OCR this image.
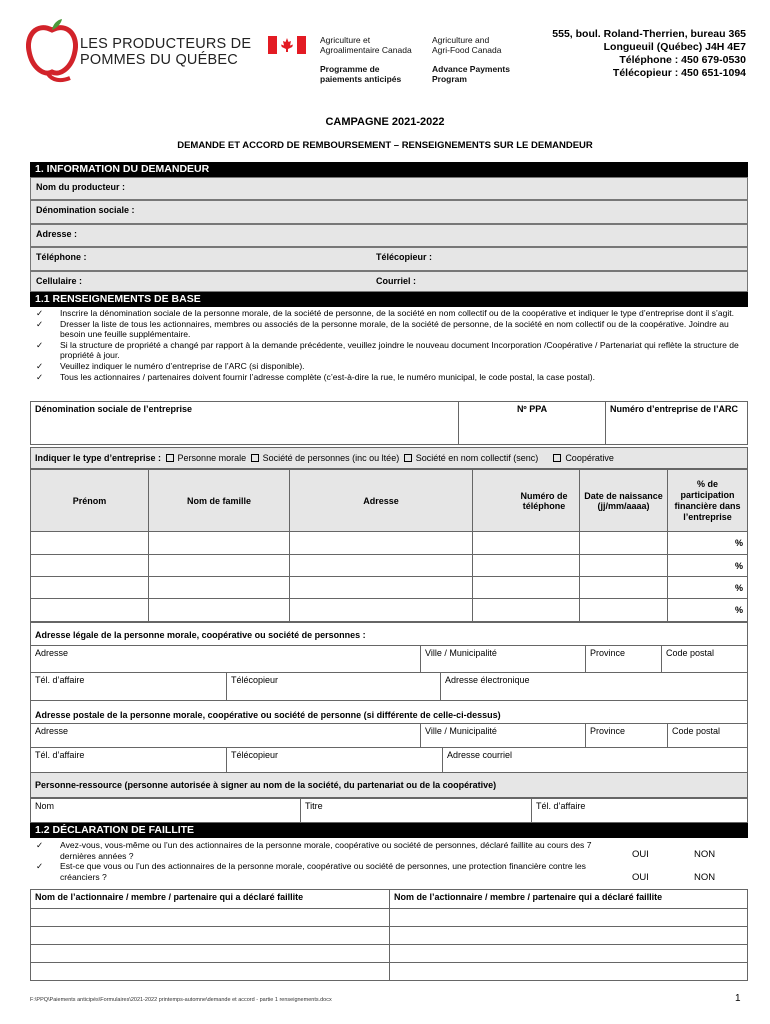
LES PRODUCTEURS DE
POMMES DU QUÉBEC
Agriculture et
Agroalimentaire Canada
Agriculture and
Agri-Food Canada
Programme de
paiements anticipés
Advance Payments
Program
555, boul. Roland-Therrien, bureau 365
Longueuil (Québec) J4H 4E7
Téléphone : 450 679-0530
Télécopieur : 450 651-1094
CAMPAGNE 2021-2022
DEMANDE ET ACCORD DE REMBOURSEMENT – RENSEIGNEMENTS SUR LE DEMANDEUR
1. INFORMATION DU DEMANDEUR
Nom du producteur :
Dénomination sociale :
Adresse :
Téléphone :	Télécopieur :
Cellulaire :	Courriel :
1.1 RENSEIGNEMENTS DE BASE
✓ Inscrire la dénomination sociale de la personne morale, de la société de personne, de la société en nom collectif ou de la coopérative et indiquer le type d’entreprise dont il s’agit.
✓ Dresser la liste de tous les actionnaires, membres ou associés de la personne morale, de la société de personne, de la société en nom collectif ou de la coopérative. Joindre au besoin une feuille supplémentaire.
✓ Si la structure de propriété a changé par rapport à la demande précédente, veuillez joindre le nouveau document Incorporation /Coopérative / Partenariat qui reflète la structure de propriété à jour.
✓ Veuillez indiquer le numéro d’entreprise de l’ARC (si disponible).
✓ Tous les actionnaires / partenaires doivent fournir l’adresse complète (c’est-à-dire la rue, le numéro municipal, le code postal, la case postal).
Dénomination sociale de l’entreprise	Nº PPA	Numéro d’entreprise de l’ARC
Indiquer le type d’entreprise : Personne morale Société de personnes (inc ou ltée) Société en nom collectif (senc)	Coopérative
Prénom	Nom de famille	Adresse	Numéro de téléphone	Date de naissance (jj/mm/aaaa)	% de participation financière dans l’entreprise
					%
					%
					%
					%
Adresse légale de la personne morale, coopérative ou société de personnes :
Adresse	Ville / Municipalité	Province	Code postal
Tél. d’affaire	Télécopieur	Adresse électronique
Adresse postale de la personne morale, coopérative ou société de personne (si différente de celle-ci-dessus)
Adresse	Ville / Municipalité	Province	Code postal
Tél. d’affaire	Télécopieur	Adresse courriel
Personne-ressource (personne autorisée à signer au nom de la société, du partenariat ou de la coopérative)
Nom	Titre	Tél. d’affaire
1.2 DÉCLARATION DE FAILLITE
✓ Avez-vous, vous-même ou l’un des actionnaires de la personne morale, coopérative ou société de personnes, déclaré faillite au cours des 7 dernières années ?
✓ Est-ce que vous ou l’un des actionnaires de la personne morale, coopérative ou société de personnes, une protection financière contre les créanciers ?
OUI	NON
OUI	NON
Nom de l’actionnaire / membre / partenaire qui a déclaré faillite	Nom de l’actionnaire / membre / partenaire qui a déclaré faillite

F:\PPQ\Paiements anticipés\Formulaires\2021-2022 printemps-automne\demande et accord - partie 1 renseignements.docx	1
